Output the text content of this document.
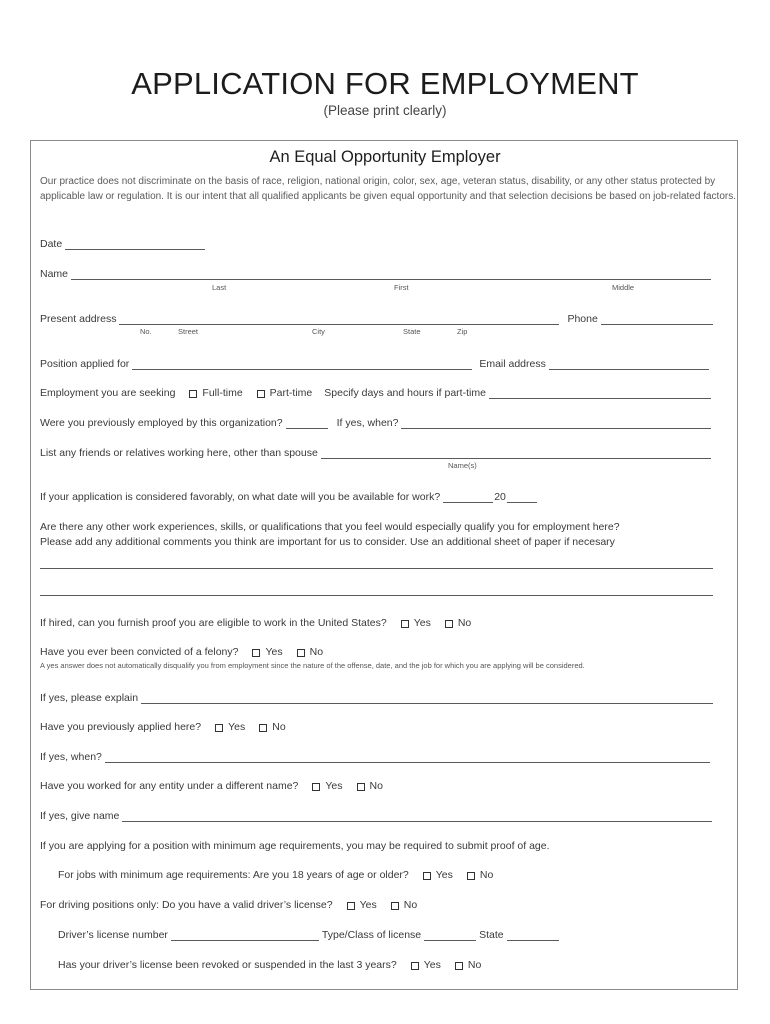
APPLICATION FOR EMPLOYMENT
(Please print clearly)
An Equal Opportunity Employer
Our practice does not discriminate on the basis of race, religion, national origin, color, sex, age, veteran status, disability, or any other status protected by
applicable law or regulation. It is our intent that all qualified applicants be given equal opportunity and that selection decisions be based on job-related factors.
Date
Name
Last	First	Middle
Present address	Phone
No.	Street	City	State	Zip
Position applied for	Email address
Employment you are seeking	Full-time	Part-time Specify days and hours if part-time
Were you previously employed by this organization?	If yes, when?
List any friends or relatives working here, other than spouse
Name(s)
If your application is considered favorably, on what date will you be available for work?	20
Are there any other work experiences, skills, or qualifications that you feel would especially qualify you for employment here?
Please add any additional comments you think are important for us to consider. Use an additional sheet of paper if necesary
If hired, can you furnish proof you are eligible to work in the United States?	Yes	No
Have you ever been convicted of a felony?	Yes	No
A yes answer does not automatically disqualify you from employment since the nature of the offense, date, and the job for which you are applying will be considered.
If yes, please explain
Have you previously applied here?	Yes	No
If yes, when?
Have you worked for any entity under a different name?	Yes	No
If yes, give name
If you are applying for a position with minimum age requirements, you may be required to submit proof of age.
For jobs with minimum age requirements: Are you 18 years of age or older?	Yes	No
For driving positions only: Do you have a valid driver’s license?	Yes	No
Driver’s license number	Type/Class of license	State
Has your driver’s license been revoked or suspended in the last 3 years?	Yes	No
